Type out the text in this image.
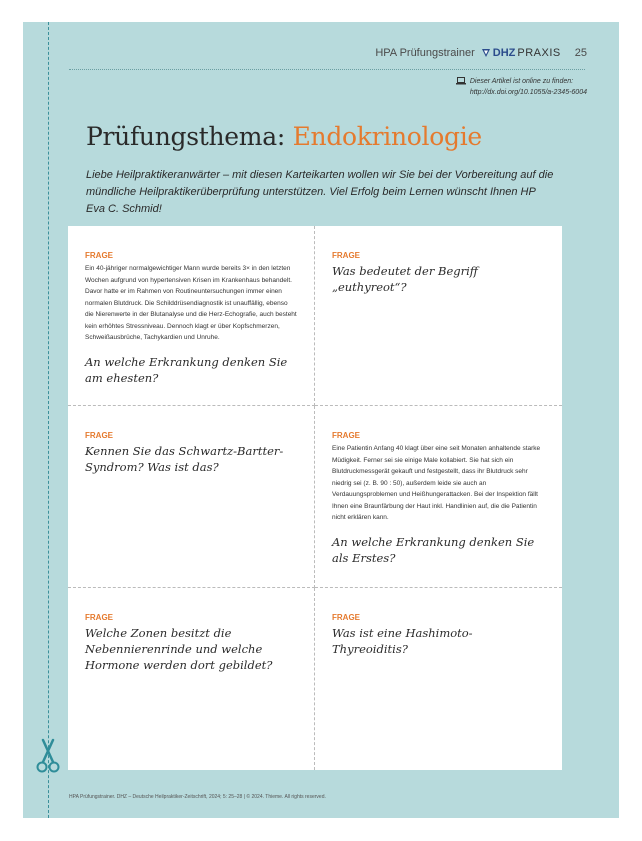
HPA Prüfungstrainer DHZ PRAXIS 25
Dieser Artikel ist online zu finden:
http://dx.doi.org/10.1055/a-2345-6004
Prüfungsthema: Endokrinologie

Liebe Heilpraktikeranwärter – mit diesen Karteikarten wollen wir Sie bei der Vorbereitung auf die mündliche Heilpraktikerüberprüfung unterstützen. Viel Erfolg beim Lernen wünscht Ihnen HP Eva C. Schmid!

FRAGE

Ein 40-jähriger normalgewichtiger Mann wurde bereits 3× in den letzten Wochen aufgrund von hypertensiven Krisen im Krankenhaus behandelt. Davor hatte er im Rahmen von Routineuntersuchungen immer einen normalen Blutdruck. Die Schilddrüsendiagnostik ist unauffällig, ebenso die Nierenwerte in der Blutanalyse und die Herz-Echografie, auch besteht kein erhöhtes Stressniveau. Dennoch klagt er über Kopfschmerzen, Schweißausbrüche, Tachykardien und Unruhe.

An welche Erkrankung denken Sie am ehesten?

FRAGE

Was bedeutet der Begriff „euthyreot“?

FRAGE

Kennen Sie das Schwartz-Bartter-Syndrom? Was ist das?

FRAGE

Eine Patientin Anfang 40 klagt über eine seit Monaten anhaltende starke Müdigkeit. Ferner sei sie einige Male kollabiert. Sie hat sich ein Blutdruckmessgerät gekauft und festgestellt, dass ihr Blutdruck sehr niedrig sei (z. B. 90 : 50), außerdem leide sie auch an Verdauungsproblemen und Heißhungerattacken. Bei der Inspektion fällt Ihnen eine Braunfärbung der Haut inkl. Handlinien auf, die die Patientin nicht erklären kann.

An welche Erkrankung denken Sie als Erstes?

FRAGE

Welche Zonen besitzt die Nebennierenrinde und welche Hormone werden dort gebildet?

FRAGE

Was ist eine Hashimoto-Thyreoiditis?

HPA Prüfungstrainer. DHZ – Deutsche Heilpraktiker-Zeitschrift, 2024; 5: 25–28 | © 2024. Thieme. All rights reserved.
